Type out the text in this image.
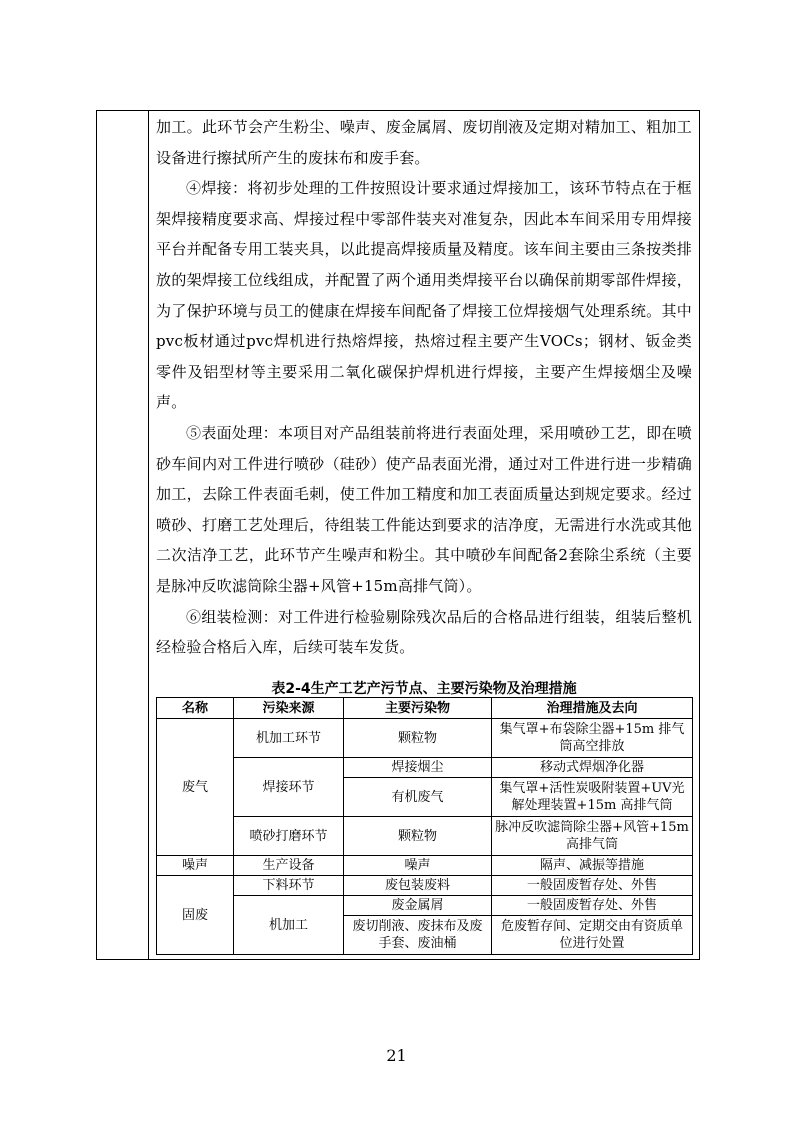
加工。此环节会产生粉尘、噪声、废金属屑、废切削液及定期对精加工、粗加工设备进行擦拭所产生的废抹布和废手套。

④焊接：将初步处理的工件按照设计要求通过焊接加工，该环节特点在于框架焊接精度要求高、焊接过程中零部件装夹对准复杂，因此本车间采用专用焊接平台并配备专用工装夹具，以此提高焊接质量及精度。该车间主要由三条按类排放的架焊接工位线组成，并配置了两个通用类焊接平台以确保前期零部件焊接，为了保护环境与员工的健康在焊接车间配备了焊接工位焊接烟气处理系统。其中pvc板材通过pvc焊机进行热熔焊接，热熔过程主要产生VOCs；钢材、钣金类零件及铝型材等主要采用二氧化碳保护焊机进行焊接，主要产生焊接烟尘及噪声。

⑤表面处理：本项目对产品组装前将进行表面处理，采用喷砂工艺，即在喷砂车间内对工件进行喷砂（硅砂）使产品表面光滑，通过对工件进行进一步精确加工，去除工件表面毛刺，使工件加工精度和加工表面质量达到规定要求。经过喷砂、打磨工艺处理后，待组装工件能达到要求的洁净度，无需进行水洗或其他二次洁净工艺，此环节产生噪声和粉尘。其中喷砂车间配备2套除尘系统（主要是脉冲反吹滤筒除尘器+风管+15m高排气筒）。

⑥组装检测：对工件进行检验剔除残次品后的合格品进行组装，组装后整机经检验合格后入库，后续可装车发货。

表2-4生产工艺产污节点、主要污染物及治理措施
名称	污染来源	主要污染物	治理措施及去向
废气	机加工环节	颗粒物	集气罩+布袋除尘器+15m 排气筒高空排放
	焊接环节	焊接烟尘	移动式焊烟净化器
		有机废气	集气罩+活性炭吸附装置+UV光解处理装置+15m 高排气筒
	喷砂打磨环节	颗粒物	脉冲反吹滤筒除尘器+风管+15m 高排气筒
噪声	生产设备	噪声	隔声、减振等措施
固废	下料环节	废包装废料	一般固废暂存处、外售
	机加工	废金属屑	一般固废暂存处、外售
		废切削液、废抹布及废手套、废油桶	危废暂存间、定期交由有资质单位进行处置
21
